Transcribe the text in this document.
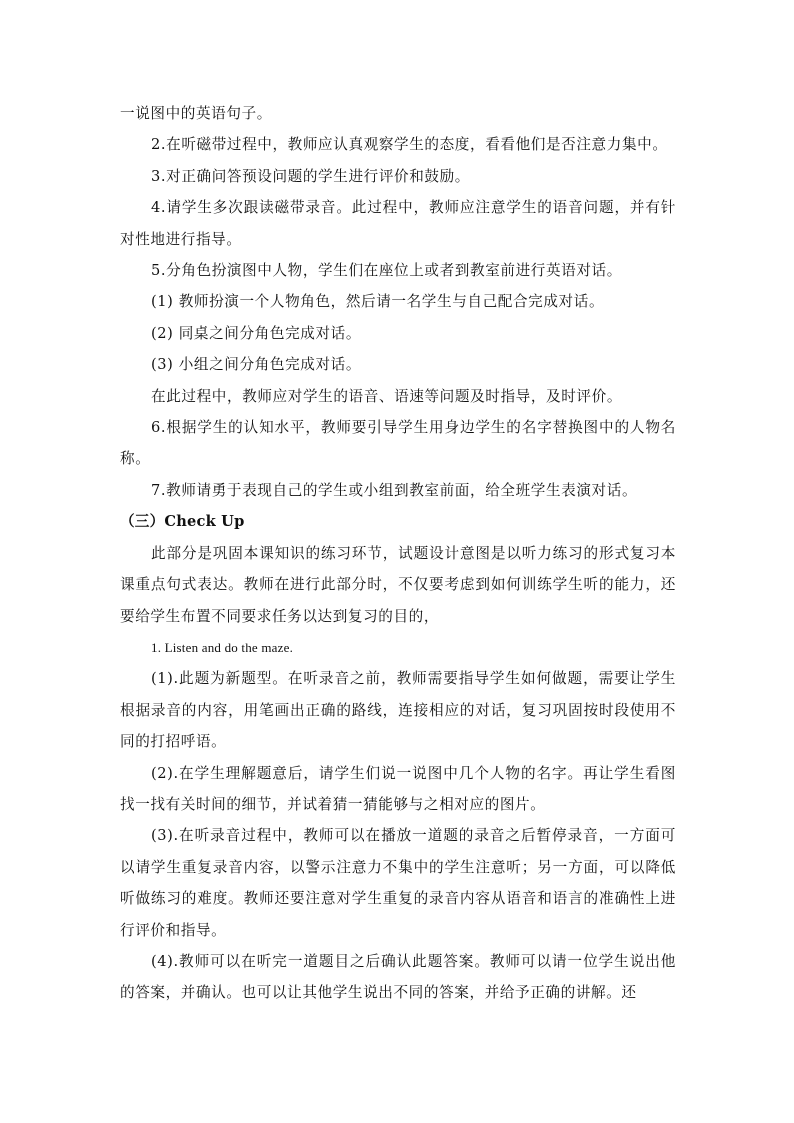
一说图中的英语句子。

2.在听磁带过程中，教师应认真观察学生的态度，看看他们是否注意力集中。

3.对正确问答预设问题的学生进行评价和鼓励。

4.请学生多次跟读磁带录音。此过程中，教师应注意学生的语音问题，并有针对性地进行指导。

5.分角色扮演图中人物，学生们在座位上或者到教室前进行英语对话。

(1) 教师扮演一个人物角色，然后请一名学生与自己配合完成对话。

(2) 同桌之间分角色完成对话。

(3) 小组之间分角色完成对话。

在此过程中，教师应对学生的语音、语速等问题及时指导，及时评价。

6.根据学生的认知水平，教师要引导学生用身边学生的名字替换图中的人物名称。

7.教师请勇于表现自己的学生或小组到教室前面，给全班学生表演对话。

（三）Check Up

此部分是巩固本课知识的练习环节，试题设计意图是以听力练习的形式复习本课重点句式表达。教师在进行此部分时，不仅要考虑到如何训练学生听的能力，还要给学生布置不同要求任务以达到复习的目的，

1. Listen and do the maze.

(1).此题为新题型。在听录音之前，教师需要指导学生如何做题，需要让学生根据录音的内容，用笔画出正确的路线，连接相应的对话，复习巩固按时段使用不同的打招呼语。

(2).在学生理解题意后，请学生们说一说图中几个人物的名字。再让学生看图找一找有关时间的细节，并试着猜一猜能够与之相对应的图片。

(3).在听录音过程中，教师可以在播放一道题的录音之后暂停录音，一方面可以请学生重复录音内容，以警示注意力不集中的学生注意听；另一方面，可以降低听做练习的难度。教师还要注意对学生重复的录音内容从语音和语言的准确性上进行评价和指导。

(4).教师可以在听完一道题目之后确认此题答案。教师可以请一位学生说出他的答案，并确认。也可以让其他学生说出不同的答案，并给予正确的讲解。还
